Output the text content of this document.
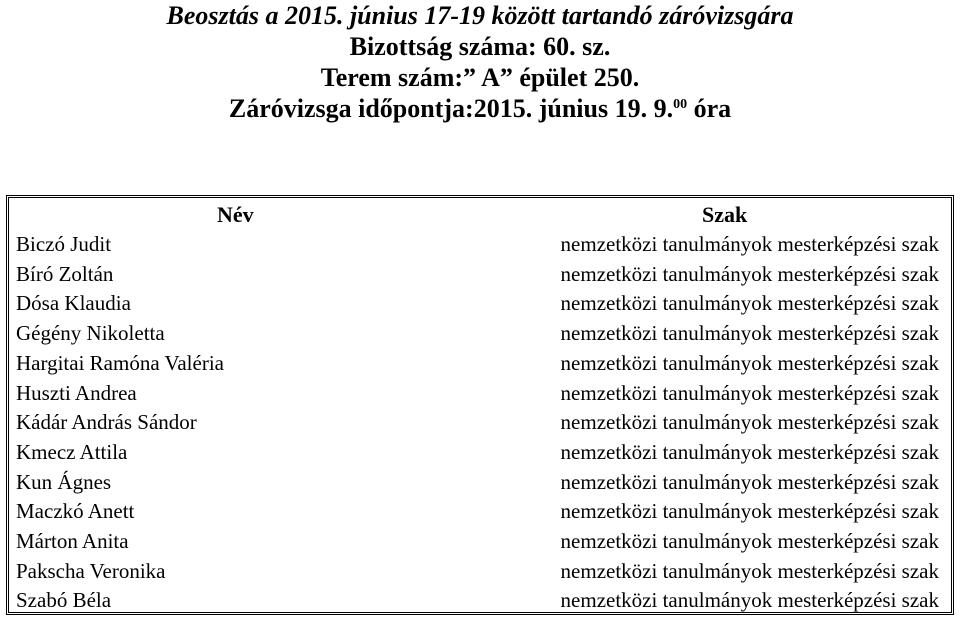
Beosztás a 2015. június 17-19 között tartandó záróvizsgára
Bizottság száma: 60. sz.
Terem szám:” A” épület 250.
Záróvizsga időpontja:2015. június 19. 9.00 óra
Név	Szak
Biczó Judit
Bíró Zoltán
Dósa Klaudia
Gégény Nikoletta
Hargitai Ramóna Valéria
Huszti Andrea
Kádár András Sándor
Kmecz Attila
Kun Ágnes
Maczkó Anett
Márton Anita
Pakscha Veronika
Szabó Béla
nemzetközi tanulmányok mesterképzési szak
nemzetközi tanulmányok mesterképzési szak
nemzetközi tanulmányok mesterképzési szak
nemzetközi tanulmányok mesterképzési szak
nemzetközi tanulmányok mesterképzési szak
nemzetközi tanulmányok mesterképzési szak
nemzetközi tanulmányok mesterképzési szak
nemzetközi tanulmányok mesterképzési szak
nemzetközi tanulmányok mesterképzési szak
nemzetközi tanulmányok mesterképzési szak
nemzetközi tanulmányok mesterképzési szak
nemzetközi tanulmányok mesterképzési szak
nemzetközi tanulmányok mesterképzési szak
